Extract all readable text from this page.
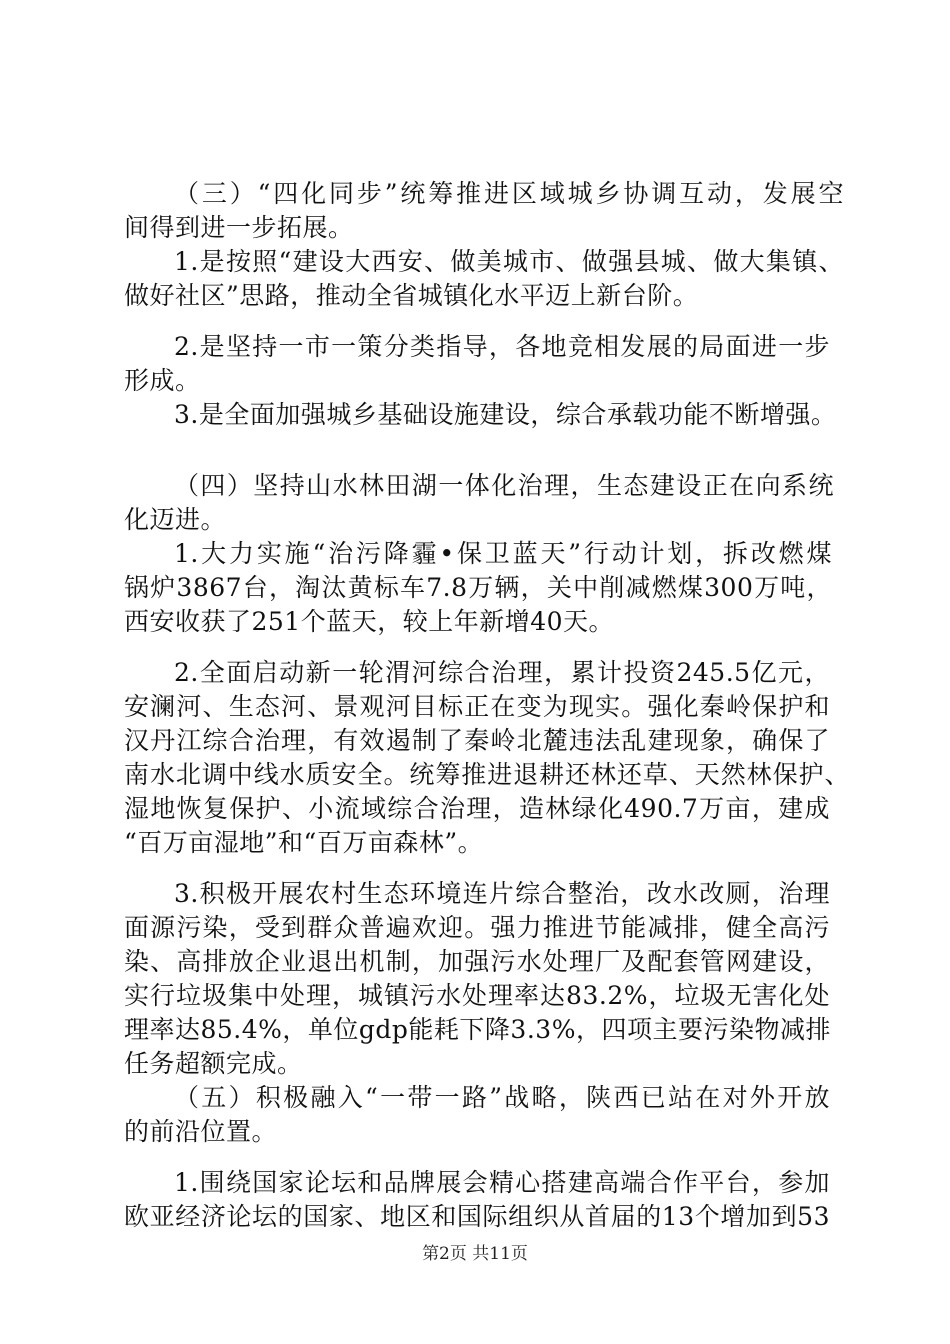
（三）“四化同步”统筹推进区域城乡协调互动，发展空
间得到进一步拓展。
1.是按照“建设大西安、做美城市、做强县城、做大集镇、
做好社区”思路，推动全省城镇化水平迈上新台阶。
2.是坚持一市一策分类指导，各地竞相发展的局面进一步
形成。
3.是全面加强城乡基础设施建设，综合承载功能不断增强。
（四）坚持山水林田湖一体化治理，生态建设正在向系统
化迈进。
1.大力实施“治污降霾•保卫蓝天”行动计划，拆改燃煤
锅炉3867台，淘汰黄标车7.8万辆，关中削减燃煤300万吨，
西安收获了251个蓝天，较上年新增40天。
2.全面启动新一轮渭河综合治理，累计投资245.5亿元，
安澜河、生态河、景观河目标正在变为现实。强化秦岭保护和
汉丹江综合治理，有效遏制了秦岭北麓违法乱建现象，确保了
南水北调中线水质安全。统筹推进退耕还林还草、天然林保护、
湿地恢复保护、小流域综合治理，造林绿化490.7万亩，建成
“百万亩湿地”和“百万亩森林”。
3.积极开展农村生态环境连片综合整治，改水改厕，治理
面源污染，受到群众普遍欢迎。强力推进节能减排，健全高污
染、高排放企业退出机制，加强污水处理厂及配套管网建设，
实行垃圾集中处理，城镇污水处理率达83.2%，垃圾无害化处
理率达85.4%，单位gdp能耗下降3.3%，四项主要污染物减排
任务超额完成。
（五）积极融入“一带一路”战略，陕西已站在对外开放
的前沿位置。
1.围绕国家论坛和品牌展会精心搭建高端合作平台，参加
欧亚经济论坛的国家、地区和国际组织从首届的13个增加到53
第2页 共11页
